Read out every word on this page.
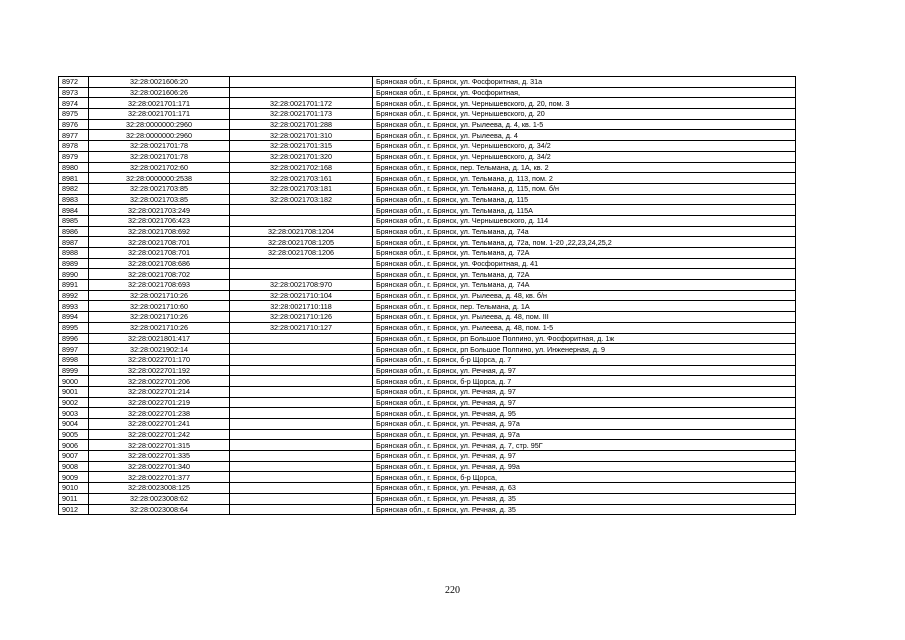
8972	32:28:0021606:20		Брянская обл., г. Брянск, ул. Фосфоритная, д. 31а
8973	32:28:0021606:26		Брянская обл., г. Брянск, ул. Фосфоритная,
8974	32:28:0021701:171	32:28:0021701:172	Брянская обл., г. Брянск, ул. Чернышевского, д. 20, пом. 3
8975	32:28:0021701:171	32:28:0021701:173	Брянская обл., г. Брянск, ул. Чернышевского, д. 20
8976	32:28:0000000:2960	32:28:0021701:288	Брянская обл., г. Брянск, ул. Рылеева, д. 4, кв. 1-5
8977	32:28:0000000:2960	32:28:0021701:310	Брянская обл., г. Брянск, ул. Рылеева, д. 4
8978	32:28:0021701:78	32:28:0021701:315	Брянская обл., г. Брянск, ул. Чернышевского, д. 34/2
8979	32:28:0021701:78	32:28:0021701:320	Брянская обл., г. Брянск, ул. Чернышевского, д. 34/2
8980	32:28:0021702:60	32:28:0021702:168	Брянская обл., г. Брянск, пер. Тельмана, д. 1А, кв. 2
8981	32:28:0000000:2538	32:28:0021703:161	Брянская обл., г. Брянск, ул. Тельмана, д. 113, пом. 2
8982	32:28:0021703:85	32:28:0021703:181	Брянская обл., г. Брянск, ул. Тельмана, д. 115, пом. б/н
8983	32:28:0021703:85	32:28:0021703:182	Брянская обл., г. Брянск, ул. Тельмана, д. 115
8984	32:28:0021703:249		Брянская обл., г. Брянск, ул. Тельмана, д. 115А
8985	32:28:0021706:423		Брянская обл., г. Брянск, ул. Чернышевского, д. 114
8986	32:28:0021708:692	32:28:0021708:1204	Брянская обл., г. Брянск, ул. Тельмана, д. 74а
8987	32:28:0021708:701	32:28:0021708:1205	Брянская обл., г. Брянск, ул. Тельмана, д. 72а, пом. 1-20 ,22,23,24,25,2
8988	32:28:0021708:701	32:28:0021708:1206	Брянская обл., г. Брянск, ул. Тельмана, д. 72А
8989	32:28:0021708:686		Брянская обл., г. Брянск, ул. Фосфоритная, д. 41
8990	32:28:0021708:702		Брянская обл., г. Брянск, ул. Тельмана, д. 72А
8991	32:28:0021708:693	32:28:0021708:970	Брянская обл., г. Брянск, ул. Тельмана, д. 74А
8992	32:28:0021710:26	32:28:0021710:104	Брянская обл., г. Брянск, ул. Рылеева, д. 48, кв. б/н
8993	32:28:0021710:60	32:28:0021710:118	Брянская обл., г. Брянск, пер. Тельмана, д. 1А
8994	32:28:0021710:26	32:28:0021710:126	Брянская обл., г. Брянск, ул. Рылеева, д. 48, пом. III
8995	32:28:0021710:26	32:28:0021710:127	Брянская обл., г. Брянск, ул. Рылеева, д. 48, пом. 1-5
8996	32:28:0021801:417		Брянская обл., г. Брянск, рп Большое Полпино, ул. Фосфоритная, д. 1ж
8997	32:28:0021902:14		Брянская обл., г. Брянск, рп Большое Полпино, ул. Инженерная, д. 9
8998	32:28:0022701:170		Брянская обл., г. Брянск, б-р Щорса, д. 7
8999	32:28:0022701:192		Брянская обл., г. Брянск, ул. Речная, д. 97
9000	32:28:0022701:206		Брянская обл., г. Брянск, б-р Щорса, д. 7
9001	32:28:0022701:214		Брянская обл., г. Брянск, ул. Речная, д. 97
9002	32:28:0022701:219		Брянская обл., г. Брянск, ул. Речная, д. 97
9003	32:28:0022701:238		Брянская обл., г. Брянск, ул. Речная, д. 95
9004	32:28:0022701:241		Брянская обл., г. Брянск, ул. Речная, д. 97а
9005	32:28:0022701:242		Брянская обл., г. Брянск, ул. Речная, д. 97а
9006	32:28:0022701:315		Брянская обл., г. Брянск, ул. Речная, д. 7, стр. 95Г
9007	32:28:0022701:335		Брянская обл., г. Брянск, ул. Речная, д. 97
9008	32:28:0022701:340		Брянская обл., г. Брянск, ул. Речная, д. 99а
9009	32:28:0022701:377		Брянская обл., г. Брянск, б-р Щорса,
9010	32:28:0023008:125		Брянская обл., г. Брянск, ул. Речная, д. 63
9011	32:28:0023008:62		Брянская обл., г. Брянск, ул. Речная, д. 35
9012	32:28:0023008:64		Брянская обл., г. Брянск, ул. Речная, д. 35
220
